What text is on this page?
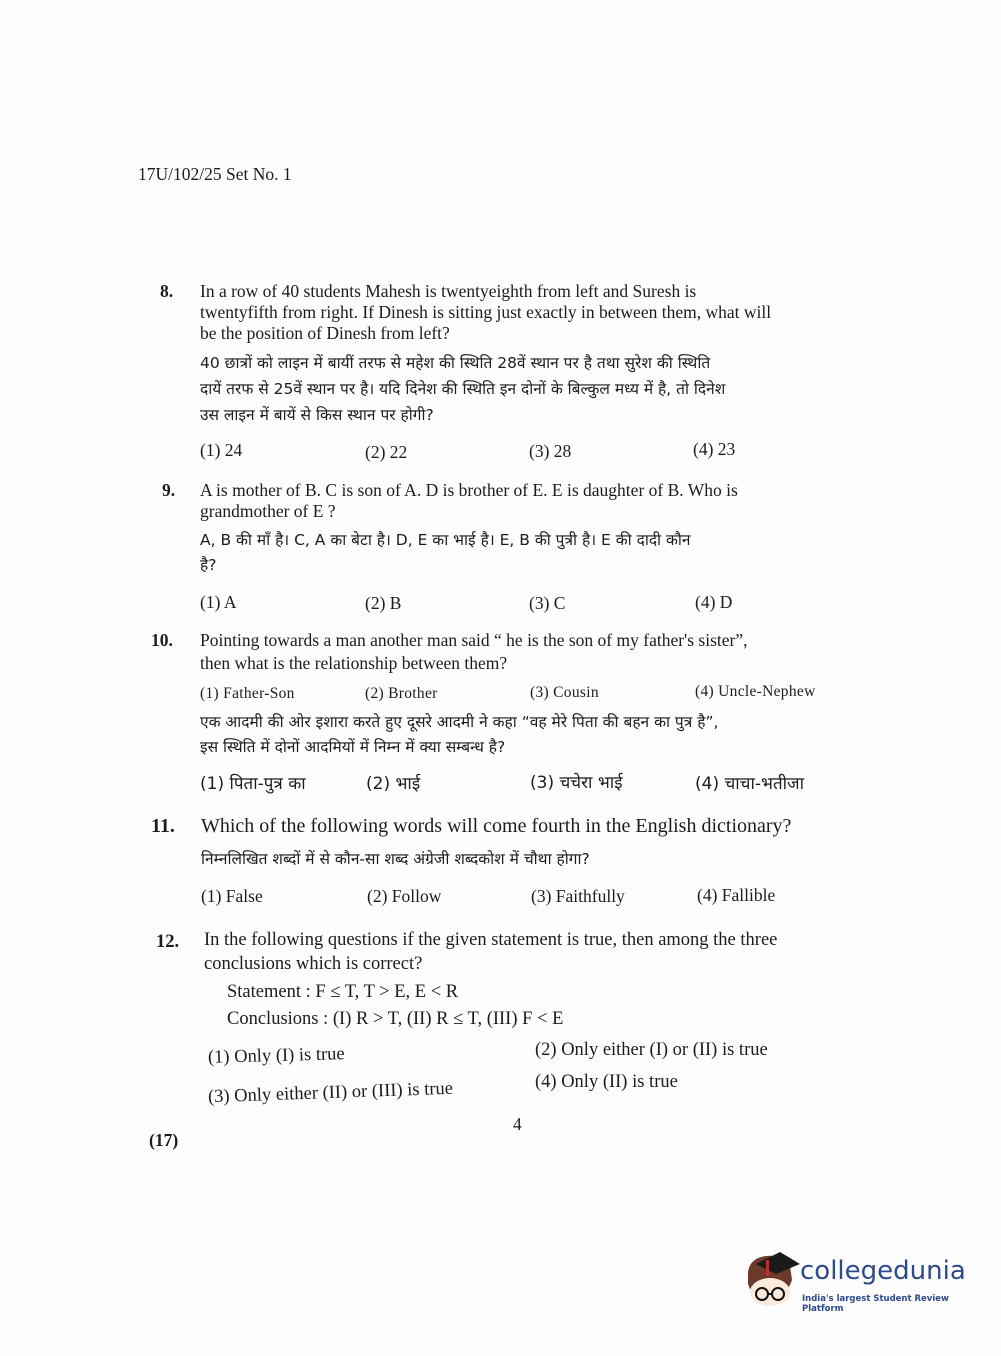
17U/102/25 Set No. 1
8. In a row of 40 students Mahesh is twentyeighth from left and Suresh is
twentyfifth from right. If Dinesh is sitting just exactly in between them, what will
be the position of Dinesh from left?
40 छात्रों को लाइन में बायीं तरफ से महेश की स्थिति 28वें स्थान पर है तथा सुरेश की स्थिति
दायें तरफ से 25वें स्थान पर है। यदि दिनेश की स्थिति इन दोनों के बिल्कुल मध्य में है, तो दिनेश
उस लाइन में बायें से किस स्थान पर होगी?
(1) 24	(2) 22	(3) 28	(4) 23
9. A is mother of B. C is son of A. D is brother of E. E is daughter of B. Who is
grandmother of E ?
A, B की माँ है। C, A का बेटा है। D, E का भाई है। E, B की पुत्री है। E की दादी कौन
है?
(1) A	(2) B	(3) C	(4) D
10. Pointing towards a man another man said “ he is the son of my father's sister”,
then what is the relationship between them?
(1) Father-Son	(2) Brother	(3) Cousin	(4) Uncle-Nephew
एक आदमी की ओर इशारा करते हुए दूसरे आदमी ने कहा “वह मेरे पिता की बहन का पुत्र है”,
इस स्थिति में दोनों आदमियों में निम्न में क्या सम्बन्ध है?
(1) पिता-पुत्र का	(2) भाई	(3) चचेरा भाई	(4) चाचा-भतीजा
11. Which of the following words will come fourth in the English dictionary?
निम्नलिखित शब्दों में से कौन-सा शब्द अंग्रेजी शब्दकोश में चौथा होगा?
(1) False	(2) Follow	(3) Faithfully	(4) Fallible
12. In the following questions if the given statement is true, then among the three
conclusions which is correct?
Statement : F ≤ T, T > E, E < R
Conclusions : (I) R > T, (II) R ≤ T, (III) F < E
(1) Only (I) is true	(2) Only either (I) or (II) is true
(3) Only either (II) or (III) is true	(4) Only (II) is true
4
(17)
collegedunia
India's largest Student Review Platform
